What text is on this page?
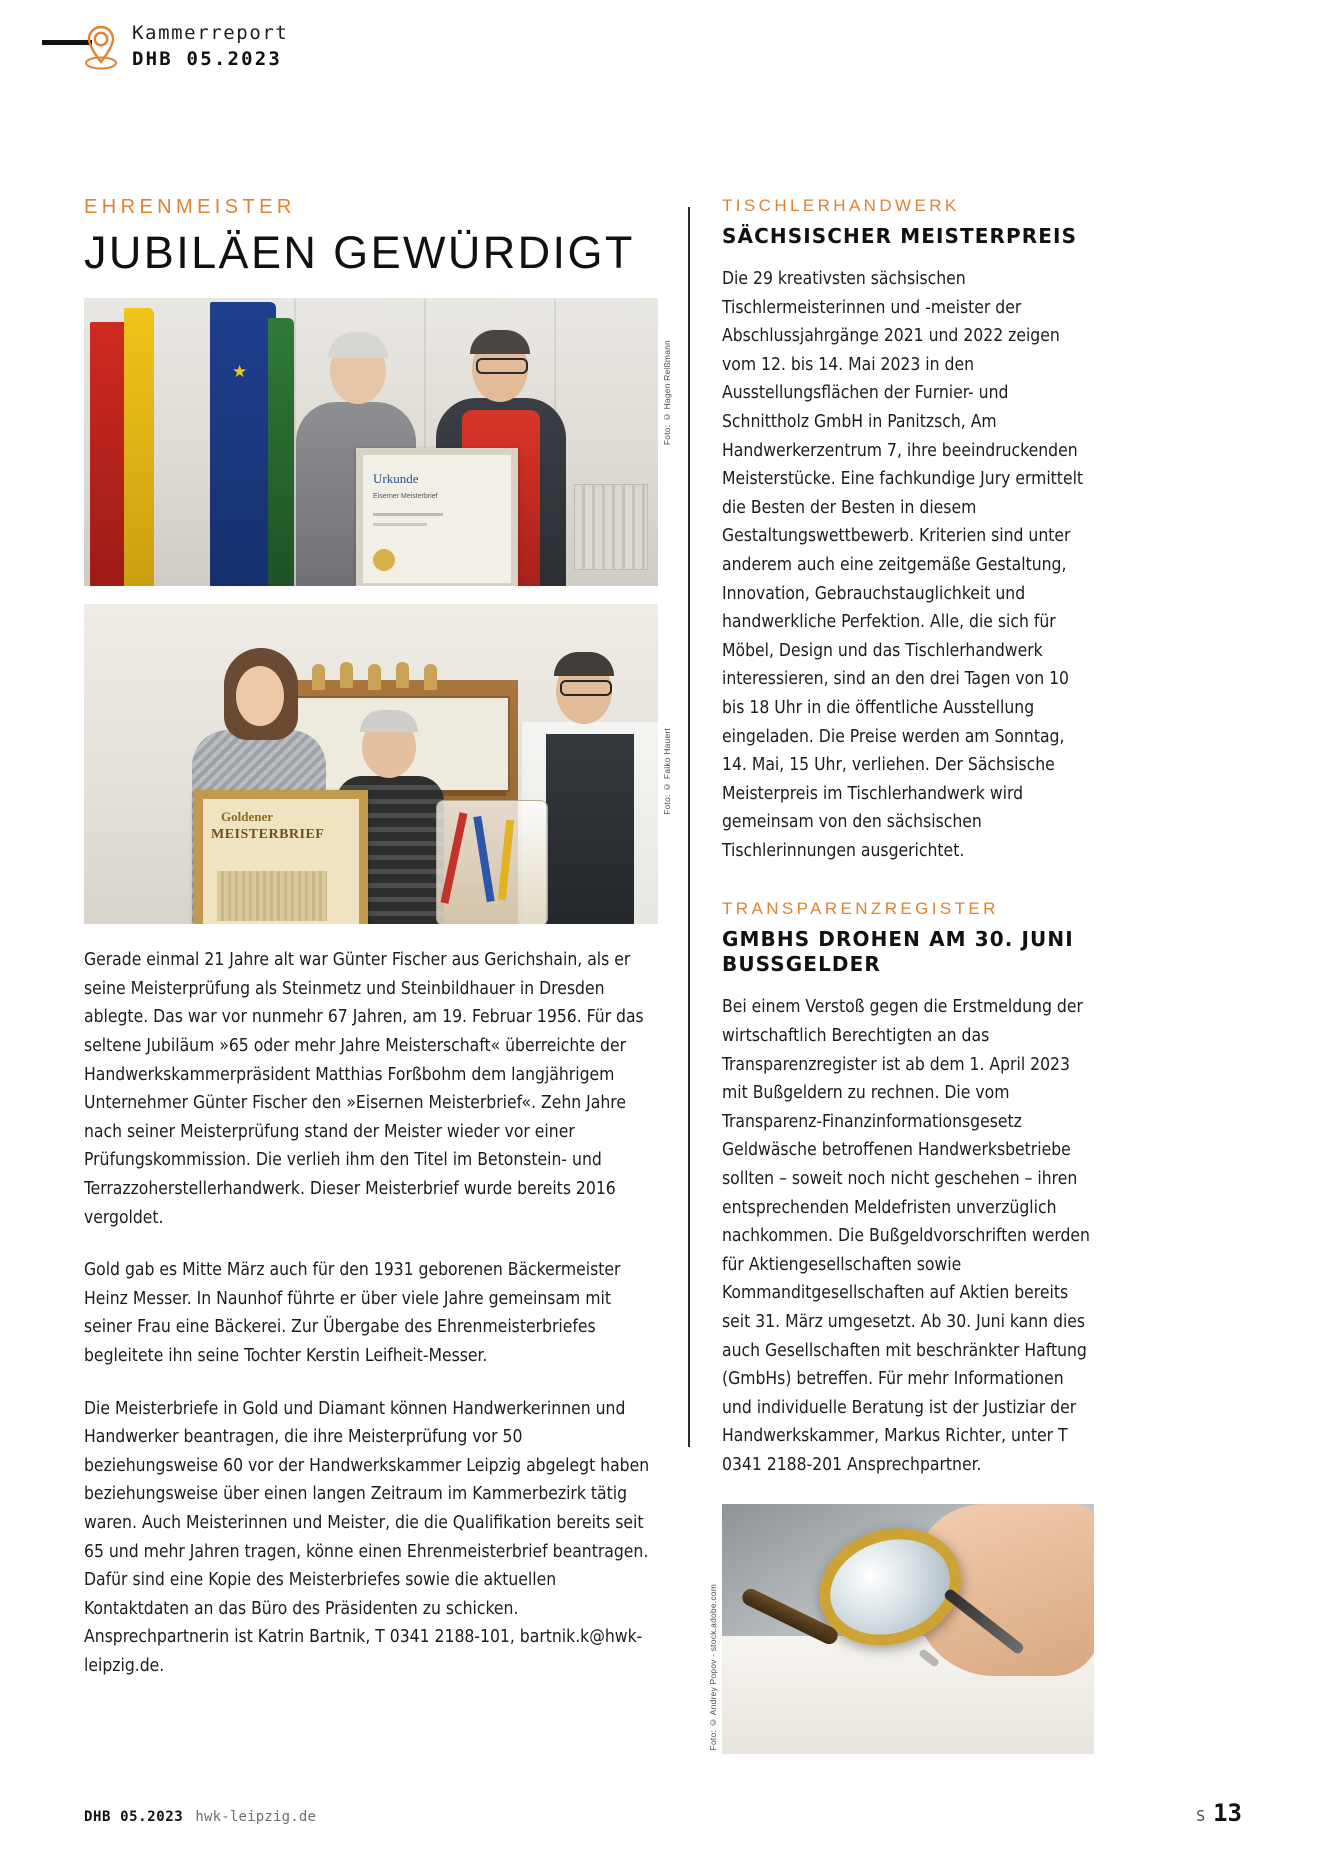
Kammerreport
DHB 05.2023
EHRENMEISTER
JUBILÄEN GEWÜRDIGT
★
Urkunde
Eiserner Meisterbrief
Foto: © Hagen Reißmann
Goldener
MEISTERBRIEF
Foto: © Falko Hauert

Gerade einmal 21 Jahre alt war Günter Fischer aus Gerichshain, als er seine Meisterprüfung als Steinmetz und Steinbildhauer in Dresden ablegte. Das war vor nunmehr 67 Jahren, am 19. Februar 1956. Für das seltene Jubiläum »65 oder mehr Jahre Meisterschaft« überreichte der Handwerkskammerpräsident Matthias Forßbohm dem langjährigem Unternehmer Günter Fischer den »Eisernen Meisterbrief«. Zehn Jahre nach seiner Meisterprüfung stand der Meister wieder vor einer Prüfungskommission. Die verlieh ihm den Titel im Betonstein- und Terrazzoherstellerhandwerk. Dieser Meisterbrief wurde bereits 2016 vergoldet.

Gold gab es Mitte März auch für den 1931 geborenen Bäckermeister Heinz Messer. In Naunhof führte er über viele Jahre gemeinsam mit seiner Frau eine Bäckerei. Zur Übergabe des Ehrenmeisterbriefes begleitete ihn seine Tochter Kerstin Leifheit-Messer.

Die Meisterbriefe in Gold und Diamant können Handwerkerinnen und Handwerker beantragen, die ihre Meisterprüfung vor 50 beziehungsweise 60 vor der Handwerkskammer Leipzig abgelegt haben beziehungsweise über einen langen Zeitraum im Kammerbezirk tätig waren. Auch Meisterinnen und Meister, die die Qualifikation bereits seit 65 und mehr Jahren tragen, könne einen Ehrenmeisterbrief beantragen. Dafür sind eine Kopie des Meisterbriefes sowie die aktuellen Kontaktdaten an das Büro des Präsidenten zu schicken. Ansprechpartnerin ist Katrin Bartnik, T 0341 2188-101, bartnik.k@hwk-leipzig.de.

TISCHLERHANDWERK
SÄCHSISCHER MEISTERPREIS

Die 29 kreativsten sächsischen Tischlermeisterinnen und -meister der Abschlussjahrgänge 2021 und 2022 zeigen vom 12. bis 14. Mai 2023 in den Ausstellungsflächen der Furnier- und Schnittholz GmbH in Panitzsch, Am Handwerkerzentrum 7, ihre beeindruckenden Meisterstücke. Eine fachkundige Jury ermittelt die Besten der Besten in diesem Gestaltungswettbewerb. Kriterien sind unter anderem auch eine zeitgemäße Gestaltung, Innovation, Gebrauchstauglichkeit und handwerkliche Perfektion. Alle, die sich für Möbel, Design und das Tischlerhandwerk interessieren, sind an den drei Tagen von 10 bis 18 Uhr in die öffentliche Ausstellung eingeladen. Die Preise werden am Sonntag, 14. Mai, 15 Uhr, verliehen. Der Sächsische Meisterpreis im Tischlerhandwerk wird gemeinsam von den sächsischen Tischlerinnungen ausgerichtet.

TRANSPARENZREGISTER
GMBHS DROHEN AM 30. JUNI BUSSGELDER

Bei einem Verstoß gegen die Erstmeldung der wirtschaftlich Berechtigten an das Transparenzregister ist ab dem 1. April 2023 mit Bußgeldern zu rechnen. Die vom Transparenz-Finanzinformationsgesetz Geldwäsche betroffenen Handwerksbetriebe sollten – soweit noch nicht geschehen – ihren entsprechenden Meldefristen unverzüglich nachkommen. Die Bußgeldvorschriften werden für Aktiengesellschaften sowie Kommanditgesellschaften auf Aktien bereits seit 31. März umgesetzt. Ab 30. Juni kann dies auch Gesellschaften mit beschränkter Haftung (GmbHs) betreffen. Für mehr Informationen und individuelle Beratung ist der Justiziar der Handwerkskammer, Markus Richter, unter T 0341 2188-201 Ansprechpartner.

Foto: © Andrey Popov - stock.adobe.com
DHB 05.2023 hwk-leipzig.de	S 13
